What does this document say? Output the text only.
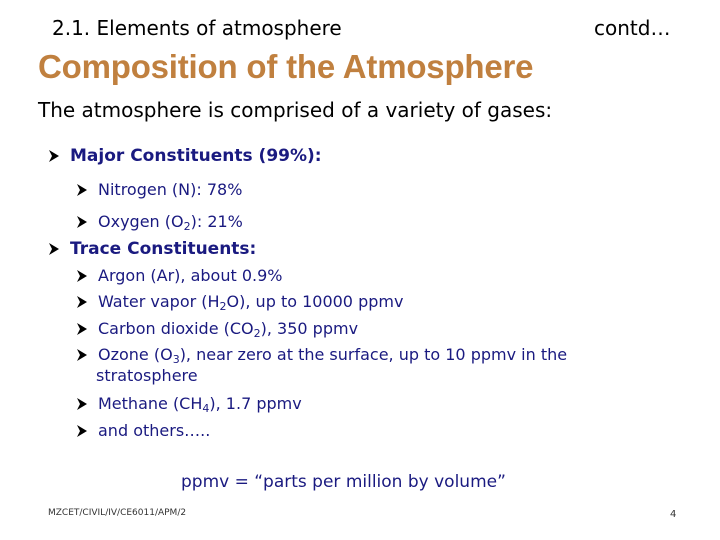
2.1. Elements of atmosphere	contd…
Composition of the Atmosphere
The atmosphere is comprised of a variety of gases:
Major Constituents (99%):
Nitrogen (N): 78%
Oxygen $(O_2)$: 21%
Trace Constituents:
Argon (Ar), about 0.9%
Water vapor $(H_2O)$, up to 10000 ppmv
Carbon dioxide $(CO_2)$, 350 ppmv
Ozone $(O_3)$, near zero at the surface, up to 10 ppmv in the
stratosphere
Methane $(CH_4)$, 1.7 ppmv
and others…..
ppmv = “parts per million by volume”
MZCET/CIVIL/IV/CE6011/APM/2	4
